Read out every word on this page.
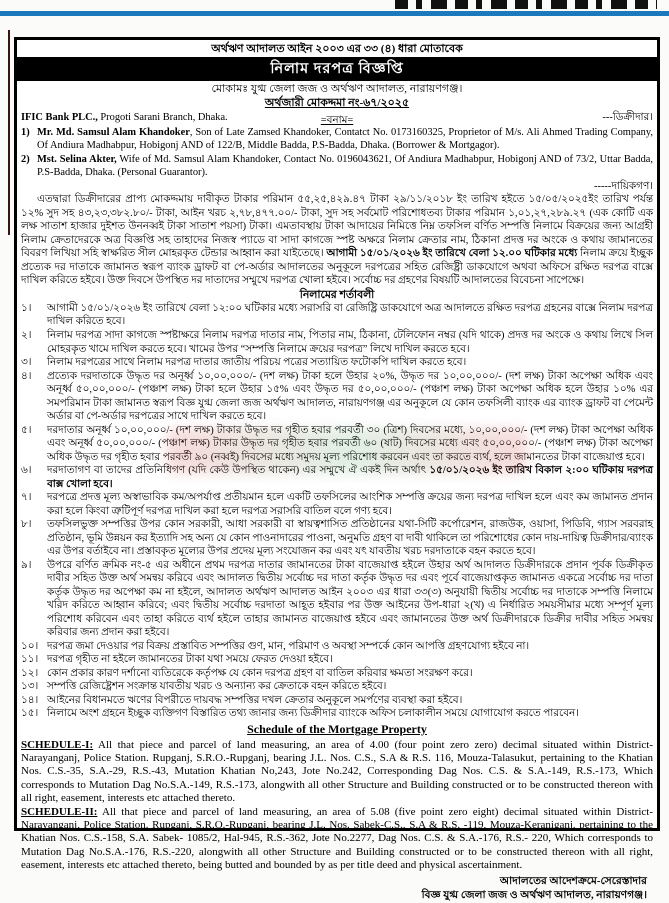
অর্থঋণ আদালত আইন ২০০৩ এর ৩৩ (৪) ধারা মোতাবেক
নিলাম দরপত্র বিজ্ঞপ্তি
মোকামঃ যুগ্ম জেলা জজ ও অর্থঋণ আদালত, নারায়ণগঞ্জ।
অর্থজারী মোকদ্দমা নং-৬৭/২০২৫
IFIC Bank PLC., Progoti Sarani Branch, Dhaka.	=বনাম=	---ডিক্রীদার।
1) Mr. Md. Samsul Alam Khandoker, Son of Late Zamsed Khandoker, Contatct No. 0173160325, Proprietor of M/s. Ali Ahmed Trading Company, Of Andiura Madhabpur, Hobigonj AND of 122/B, Middle Badda, P.S-Badda, Dhaka. (Borrower & Mortgagor).
2) Mst. Selina Akter, Wife of Md. Samsul Alam Khandoker, Contact No. 0196043621, Of Andiura Madhabpur, Hobigonj AND of 73/2, Uttar Badda, P.S-Badda, Dhaka. (Personal Guarantor).
-----দায়িকগণ।
এতদ্বারা ডিক্রীদারের প্রাপ্য মোকদ্দমায় দাবীকৃত টাকার পরিমান ৫৫,২৫,৪২৯.৪৭ টাকা ২৯/১১/২০১৮ ইং তারিখ হইতে ১৫/০৫/২০২৫ইং তারিখ পর্যন্ত ১২% সুদ সহ ৪৩,২৩,৩৮২.৮০/- টাকা, আইন খরচ ২,৭৮,৪৭৭.০০/- টাকা, সুদ সহ সর্বমোট পরিশোধতব্য টাকার পরিমান ১,০১,২৭,২৮৯.২৭ (এক কোটি এক লক্ষ সাতাশ হাজার দুইশত উননব্বই টাকা সাতাশ পয়সা) টাকা। এমতাবস্থায় টাকা আদায়ের নিমিত্তে নিম্ন তফসিল বর্ণিত সম্পত্তি নিলামে বিক্রয়ের জন্য আগ্রহী নিলাম ক্রেতাদেরকে অত্র বিজ্ঞপ্তি সহ তাহাদের নিজস্ব প্যাডে বা সাদা কাগজে স্পষ্ট অক্ষরে নিলাম ক্রেতার নাম, ঠিকানা প্রদত্ত দর অংকে ও কথায় জামানতের বিবরণ লিখিয়া সহি স্বাক্ষরিত সীল মোহরকৃত টেন্ডার আহ্বান করা যাইতেছে। আগামী ১৫/০১/২০২৬ ইং তারিখে বেলা ১২.০০ ঘটিকার মধ্যে নিলাম ক্রয়ে ইচ্ছুক প্রত্যেক দর দাতাকে জামানত স্বরূপ ব্যাংক ড্রাফট বা পে-অর্ডার আদালতের অনুকূলে দরপত্রের সহিত রেজিষ্ট্রী ডাকযোগে অথবা অফিসে রক্ষিত দরপত্র বাক্সে দাখিল করিতে হইবে। উক্ত দিবসে উপস্থিত দর দাতাদের সম্মুখে দরপত্র খোলা হইবে। সর্বোচ্চ দর গ্রহণের বিষয়টি আদালতের বিবেচনা সাপেক্ষে।
নিলামের শর্তাবলী
১।	আগামী ১৫/০১/২০২৬ ইং তারিখে বেলা ১২:০০ ঘটিকার মধ্যে সরাসরি বা রেজিষ্ট্রি ডাকযোগে অত্র আদালতে রক্ষিত দরপত্র গ্রহনের বাক্সে নিলাম দরপত্র দাখিল করিতে হবে।
২।	নিলাম দরপত্র সাদা কাগজে স্পষ্টাক্ষরে নিলাম দরপত্র দাতার নাম, পিতার নাম, ঠিকানা, টেলিফোন নম্বর (যদি থাকে) প্রদত্ত দর অংকে ও কথায় লিখে সিল মোহরকৃত খামে দাখিল করতে হবে। খামের উপর “সম্পত্তি নিলামে ক্রয়ের দরপত্র” লিখে দাখিল করতে হবে।
৩।	নিলাম দরপত্রের সাথে নিলাম দরপত্র দাতার জাতীয় পরিচয় পত্রের সত্যায়িত ফটোকপি দাখিল করতে হবে।
৪।	প্রত্যেক দরদাতাকে উদ্ধৃত দর অনূর্ধ্ব ১০,০০,০০০/- (দশ লক্ষ) টাকা হলে উহার ২০%, উদ্ধৃত দর ১০,০০,০০০/- (দশ লক্ষ) টাকা অপেক্ষা অধিক এবং অনূর্ধ্ব ৫০,০০,০০০/- (পঞ্চাশ লক্ষ) টাকা হলে উহার ১৫% এবং উদ্ধৃত দর ৫০,০০,০০০/- (পঞ্চাশ লক্ষ) টাকা অপেক্ষা অধিক হলে উহার ১০% এর সমপরিমান টাকা জামানত স্বরূপ বিজ্ঞ যুগ্ম জেলা জজ অর্থঋণ আদালত, নারায়ণগঞ্জ এর অনুকূলে যে কোন তফসিলী ব্যাংক এর ব্যাংক ড্রাফট বা পেমেন্ট অর্ডার বা পে-অর্ডার দরপত্রের সাথে দাখিল করতে হবে।
৫।	দরদাতার অনূর্ধ্ব ১০,০০,০০০/- (দশ লক্ষ) টাকার উদ্ধৃত দর গৃহীত হবার পরবর্তী ৩০ (ত্রিশ) দিবসের মধ্যে, ১০,০০,০০০/- (দশ লক্ষ) টাকা অপেক্ষা অধিক এবং অনূর্ধ্ব ৫০,০০,০০০/- (পঞ্চাশ লক্ষ) টাকার উদ্ধৃত দর গৃহীত হবার পরবর্তী ৬০ (ষাট) দিবসের মধ্যে এবং ৫০,০০,০০০/- (পঞ্চাশ লক্ষ) টাকা অপেক্ষা অধিক উদ্ধৃত দর গৃহীত হবার পরবর্তী ৯০ (নব্বই) দিবসের মধ্যে সমুদয় মূল্য পরিশোধ করবেন এবং তা করতে ব্যর্থ, হলে জামানতের টাকা বাজেয়াপ্ত হবে।
৬।	দরদাতাগণ বা তাদের প্রতিনিধিগণ (যদি কেউ উপস্থিত থাকেন) এর সম্মুখে ঐ একই দিন অর্থাৎ ১৫/০১/২০২৬ ইং তারিখ বিকাল ২:০০ ঘটিকায় দরপত্র বাক্স খোলা হবে।
৭।	দরপত্রে প্রদত্ত মূল্য অস্বাভাবিক কম/অপর্যাপ্ত প্রতীয়মান হলে একটি তফসিলের আংশিক সম্পত্তি ক্রয়ের জন্য দরপত্র দাখিল হলে এবং কম জামানত প্রদান করা হলে কিংবা ত্রুটিপূর্ণ দরপত্র দাখিল করা হলে দরপত্র সরাসরি বাতিল বলে গণ্য হবে।
৮।	তফসিলভুক্ত সম্পত্তির উপর কোন সরকারী, আধা সরকারী বা স্বায়ত্বশাসিত প্রতিষ্ঠানের যথা-সিটি কর্পোরেশন, রাজউক, ওয়াসা, পিডিবি, গ্যাস সরবরাহ প্রতিষ্ঠান, ভূমি উন্নয়ন কর ইত্যাদি সহ অন্য যে কোন পাওনাদারের পাওনা, অনুমতি গ্রহণ বা দাবী থাকিলে তা পরিশোধের কোন দায়-দায়িত্ব ডিক্রীদার/ব্যাংক এর উপর বর্তাইবে না। প্রস্তাবকৃত মূল্যের উপর প্রদেয় মূল্য সংযোজন কর এবং যৎ যাবতীয় খরচ দরদাতাকে বহন করতে হবে।
৯।	উপরে বর্ণিত ক্রমিক নং-৫ এর অধীনে প্রথম দরপত্র দাতার জামানতের টাকা বাজেয়াপ্ত হইলে উহার অর্থ আদালত ডিক্রীদারকে প্রদান পূর্বক ডিক্রীকৃত দাবীর সহিত উক্ত অর্থ সমন্বয় করিবে এবং আদালত দ্বিতীয় সর্বোচ্চ দর দাতা কর্তৃক উদ্ধৃত দর এবং পূর্বে বাজেয়াপ্তকৃত জামানত একত্রে সর্বোচ্চ দর দাতা কর্তৃক উদ্ধৃত দর অপেক্ষা কম না হইলে, আদালত অর্থঋণ আদালত আইন ২০০৩ এর ধারা ৩৩(৩) অনুযায়ী দ্বিতীয় সর্বোচ্চ দর দাতাকে সম্পত্তি নিলামে খরিদ করিতে আহ্বান করিবে; এবং দ্বিতীয় সর্বোচ্চ দরদাতা আহূত হইবার পর উক্ত আইনের উপ-ধারা ২(খ) এ নির্ধারিত সময়সীমার মধ্যে সম্পূর্ণ মূল্য পরিশোধ করিবেন এবং তাহা করিতে ব্যর্থ হইলে তাহার জামানত বাজেয়াপ্ত হইবে এবং জামানতের উক্ত অর্থ ডিক্রীদারকে ডিক্রীর দাবীর সহিত সমন্বয় করিবার জন্য প্রদান করা হইবে।
১০। দরপত্র জমা দেওয়ার পর বিক্রয় প্রস্তাবিত সম্পত্তির গুণ, মান, পরিমাণ ও অবস্থা সম্পর্কে কোন আপত্তি গ্রহণযোগ্য হইবে না।
১১। দরপত্র গৃহীত না হইলে জামানতের টাকা যথা সময়ে ফেরত দেওয়া হইবে।
১২। কোন প্রকার কারণ দর্শানো ব্যতিরেকে কর্তৃপক্ষ যে কোন দরপত্র গ্রহণ বা বাতিল করিবার ক্ষমতা সংরক্ষণ করে।
১৩। সম্পত্তি রেজিষ্ট্রেশন সংক্রান্ত যাবতীয় খরচ ও অন্যান্য কর ক্রেতাকে বহন করিতে হইবে।
১৪। আইনের বিধানমতে ঋণের বিপরীতে দায়বদ্ধ সম্পত্তির দখল ক্রেতার অনুকূলে সমর্পণের ব্যবস্থা করা হইবে।
১৫। নিলামে অংশ গ্রহনে ইচ্ছুক ব্যক্তিগণ বিস্তারিত তথ্য জানার জন্য ডিক্রীদার ব্যাংকে অফিস চলাকালীন সময়ে যোগাযোগ করতে পারবেন।
Schedule of the Mortgage Property
SCHEDULE-I: All that piece and parcel of land measuring, an area of 4.00 (four point zero zero) decimal situated within District-Narayanganj, Police Station. Rupganj, S.R.O.-Rupganj, bearing J.L. Nos. C.S., S.A & R.S. 116, Mouza-Talasukut, pertaining to the Khatian Nos. C.S.-35, S.A.-29, R.S.-43, Mutation Khatian No,243, Jote No.242, Corresponding Dag Nos. C.S. & S.A.-149, R.S.-173, Which corresponds to Mutation Dag No.S.A.-149, R.S.-173, alongwith all other Structure and Building constructed or to be constructed thereon with all right, easement, interests etc attached thereto.
SCHEDULE-II: All that piece and parcel of land measuring, an area of 5.08 (five point zero eight) decimal situated within District-Narayanganj, Police Station. Rupganj, S.R.O.-Rupganj, bearing J.L. Nos. Sabek-C.S., S.A & R.S. -119, Mouza-Keraniganj, pertaining to the Khatian Nos. C.S.-158, S.A. Sabek- 1085/2, Hal-945, R.S.-362, Jote No.2277, Dag Nos. C.S. & S.A.-176, R.S.- 220, Which corresponds to Mutation Dag No.S.A.-176, R.S.-220, alongwith all other Structure and Building constructed or to be constructed thereon with all right, easement, interests etc attached thereto, being butted and bounded by as per title deed and physical ascertainment.
আদালতের আদেশক্রমে-সেরেস্তাদার
বিজ্ঞ যুগ্ম জেলা জজ ও অর্থঋণ আদালত, নারায়ণগঞ্জ।
